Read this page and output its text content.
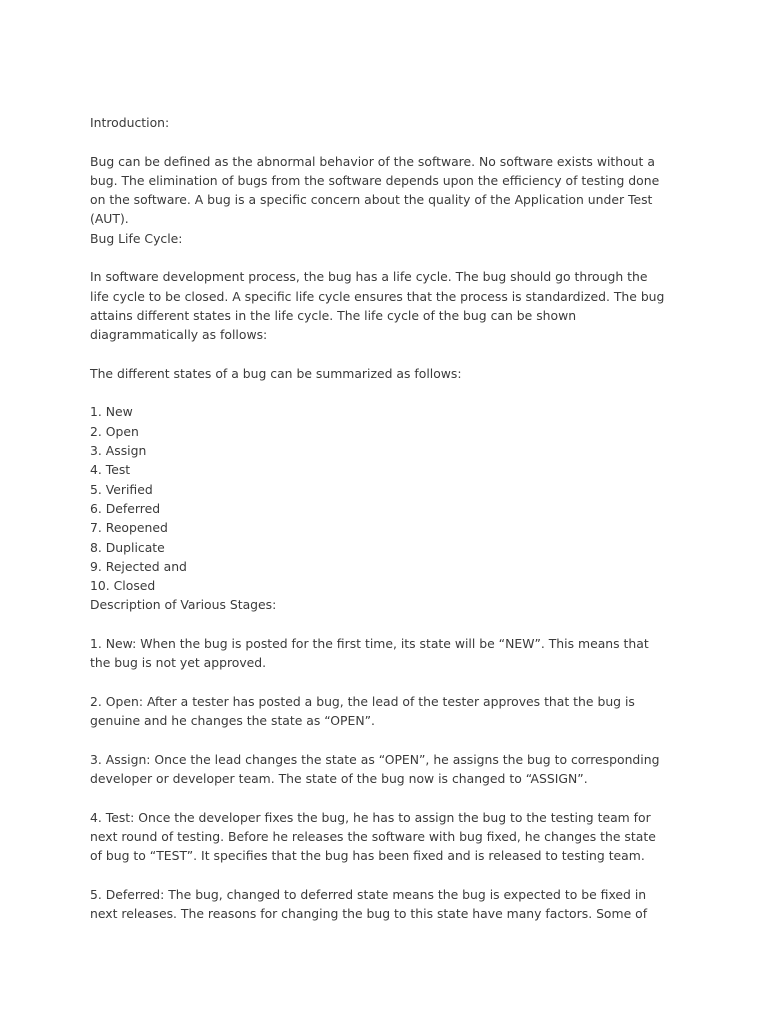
Introduction:
Bug can be defined as the abnormal behavior of the software. No software exists without a
bug. The elimination of bugs from the software depends upon the efficiency of testing done
on the software. A bug is a specific concern about the quality of the Application under Test
(AUT).
Bug Life Cycle:
In software development process, the bug has a life cycle. The bug should go through the
life cycle to be closed. A specific life cycle ensures that the process is standardized. The bug
attains different states in the life cycle. The life cycle of the bug can be shown
diagrammatically as follows:
The different states of a bug can be summarized as follows:
1. New
2. Open
3. Assign
4. Test
5. Verified
6. Deferred
7. Reopened
8. Duplicate
9. Rejected and
10. Closed
Description of Various Stages:
1. New: When the bug is posted for the first time, its state will be “NEW”. This means that
the bug is not yet approved.
2. Open: After a tester has posted a bug, the lead of the tester approves that the bug is
genuine and he changes the state as “OPEN”.
3. Assign: Once the lead changes the state as “OPEN”, he assigns the bug to corresponding
developer or developer team. The state of the bug now is changed to “ASSIGN”.
4. Test: Once the developer fixes the bug, he has to assign the bug to the testing team for
next round of testing. Before he releases the software with bug fixed, he changes the state
of bug to “TEST”. It specifies that the bug has been fixed and is released to testing team.
5. Deferred: The bug, changed to deferred state means the bug is expected to be fixed in
next releases. The reasons for changing the bug to this state have many factors. Some of
